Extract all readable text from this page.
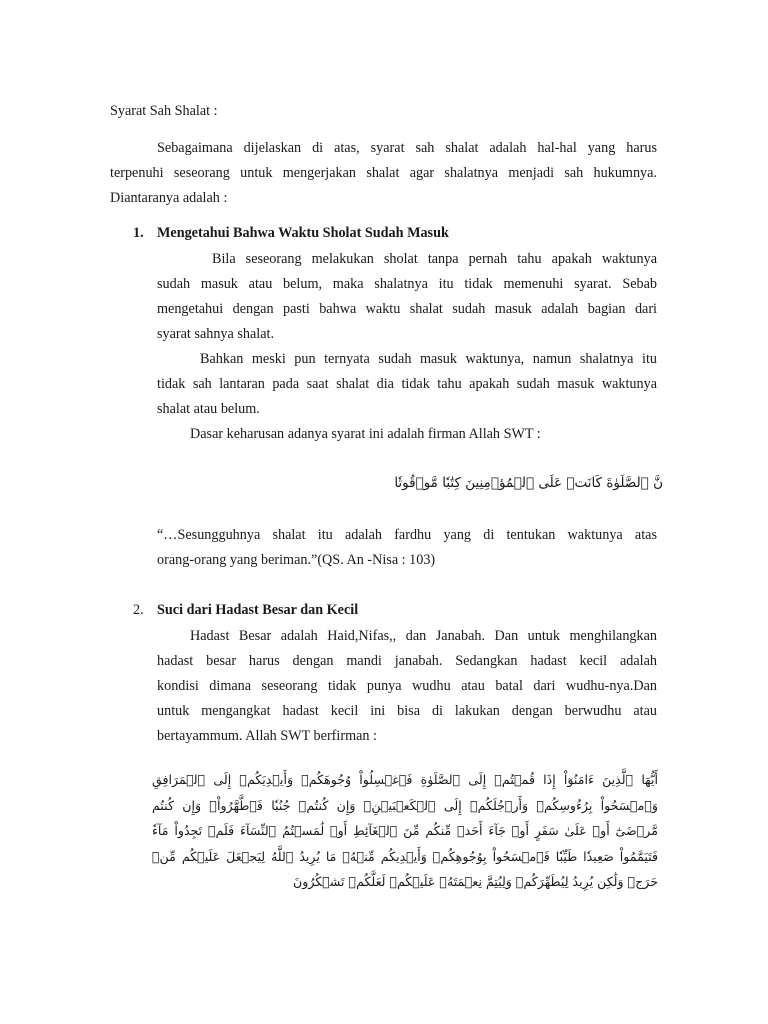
Syarat Sah Shalat :
Sebagaimana dijelaskan di atas, syarat sah shalat adalah hal-hal yang harus
terpenuhi seseorang untuk mengerjakan shalat agar shalatnya menjadi sah hukumnya.
Diantaranya adalah :
1. Mengetahui Bahwa Waktu Sholat Sudah Masuk
Bila seseorang melakukan sholat tanpa pernah tahu apakah waktunya
sudah masuk atau belum, maka shalatnya itu tidak memenuhi syarat. Sebab
mengetahui dengan pasti bahwa waktu shalat sudah masuk adalah bagian dari
syarat sahnya shalat.
Bahkan meski pun ternyata sudah masuk waktunya, namun shalatnya itu
tidak sah lantaran pada saat shalat dia tidak tahu apakah sudah masuk waktunya
shalat atau belum.
Dasar keharusan adanya syarat ini adalah firman Allah SWT :
نَّ ٱلصَّلَوٰةَ كَانَتۡ عَلَى ٱلۡمُؤۡمِنِينَ كِتَٰبٗا مَّوۡقُوتٗا
“…Sesungguhnya shalat itu adalah fardhu yang di tentukan waktunya atas
orang-orang yang beriman.”(QS. An -Nisa : 103)
2. Suci dari Hadast Besar dan Kecil
Hadast Besar adalah Haid,Nifas,, dan Janabah. Dan untuk menghilangkan
hadast besar harus dengan mandi janabah. Sedangkan hadast kecil adalah
kondisi dimana seseorang tidak punya wudhu atau batal dari wudhu-nya.Dan
untuk mengangkat hadast kecil ini bisa di lakukan dengan berwudhu atau
bertayammum. Allah SWT berfirman :
أَيُّهَا ٱلَّذِينَ ءَامَنُوٓاْ إِذَا قُمۡتُمۡ إِلَى ٱلصَّلَوٰةِ فَٱغۡسِلُواْ وُجُوهَكُمۡ وَأَيۡدِيَكُمۡ إِلَى ٱلۡمَرَافِقِ وَٱمۡسَحُواْ بِرُءُوسِكُمۡ وَأَرۡجُلَكُمۡ إِلَى ٱلۡكَعۡبَيۡنِۚ وَإِن كُنتُمۡ جُنُبٗا فَٱطَّهَّرُواْۚ وَإِن كُنتُم مَّرۡضَىٰٓ أَوۡ عَلَىٰ سَفَرٍ أَوۡ جَآءَ أَحَدٞ مِّنكُم مِّنَ ٱلۡغَآئِطِ أَوۡ لَٰمَسۡتُمُ ٱلنِّسَآءَ فَلَمۡ تَجِدُواْ مَآءٗ فَتَيَمَّمُواْ صَعِيدٗا طَيِّبٗا فَٱمۡسَحُواْ بِوُجُوهِكُمۡ وَأَيۡدِيكُم مِّنۡهُۚ مَا يُرِيدُ ٱللَّهُ لِيَجۡعَلَ عَلَيۡكُم مِّنۡ حَرَجٖ وَلَٰكِن يُرِيدُ لِيُطَهِّرَكُمۡ وَلِيُتِمَّ نِعۡمَتَهُۥ عَلَيۡكُمۡ لَعَلَّكُمۡ تَشۡكُرُونَ
